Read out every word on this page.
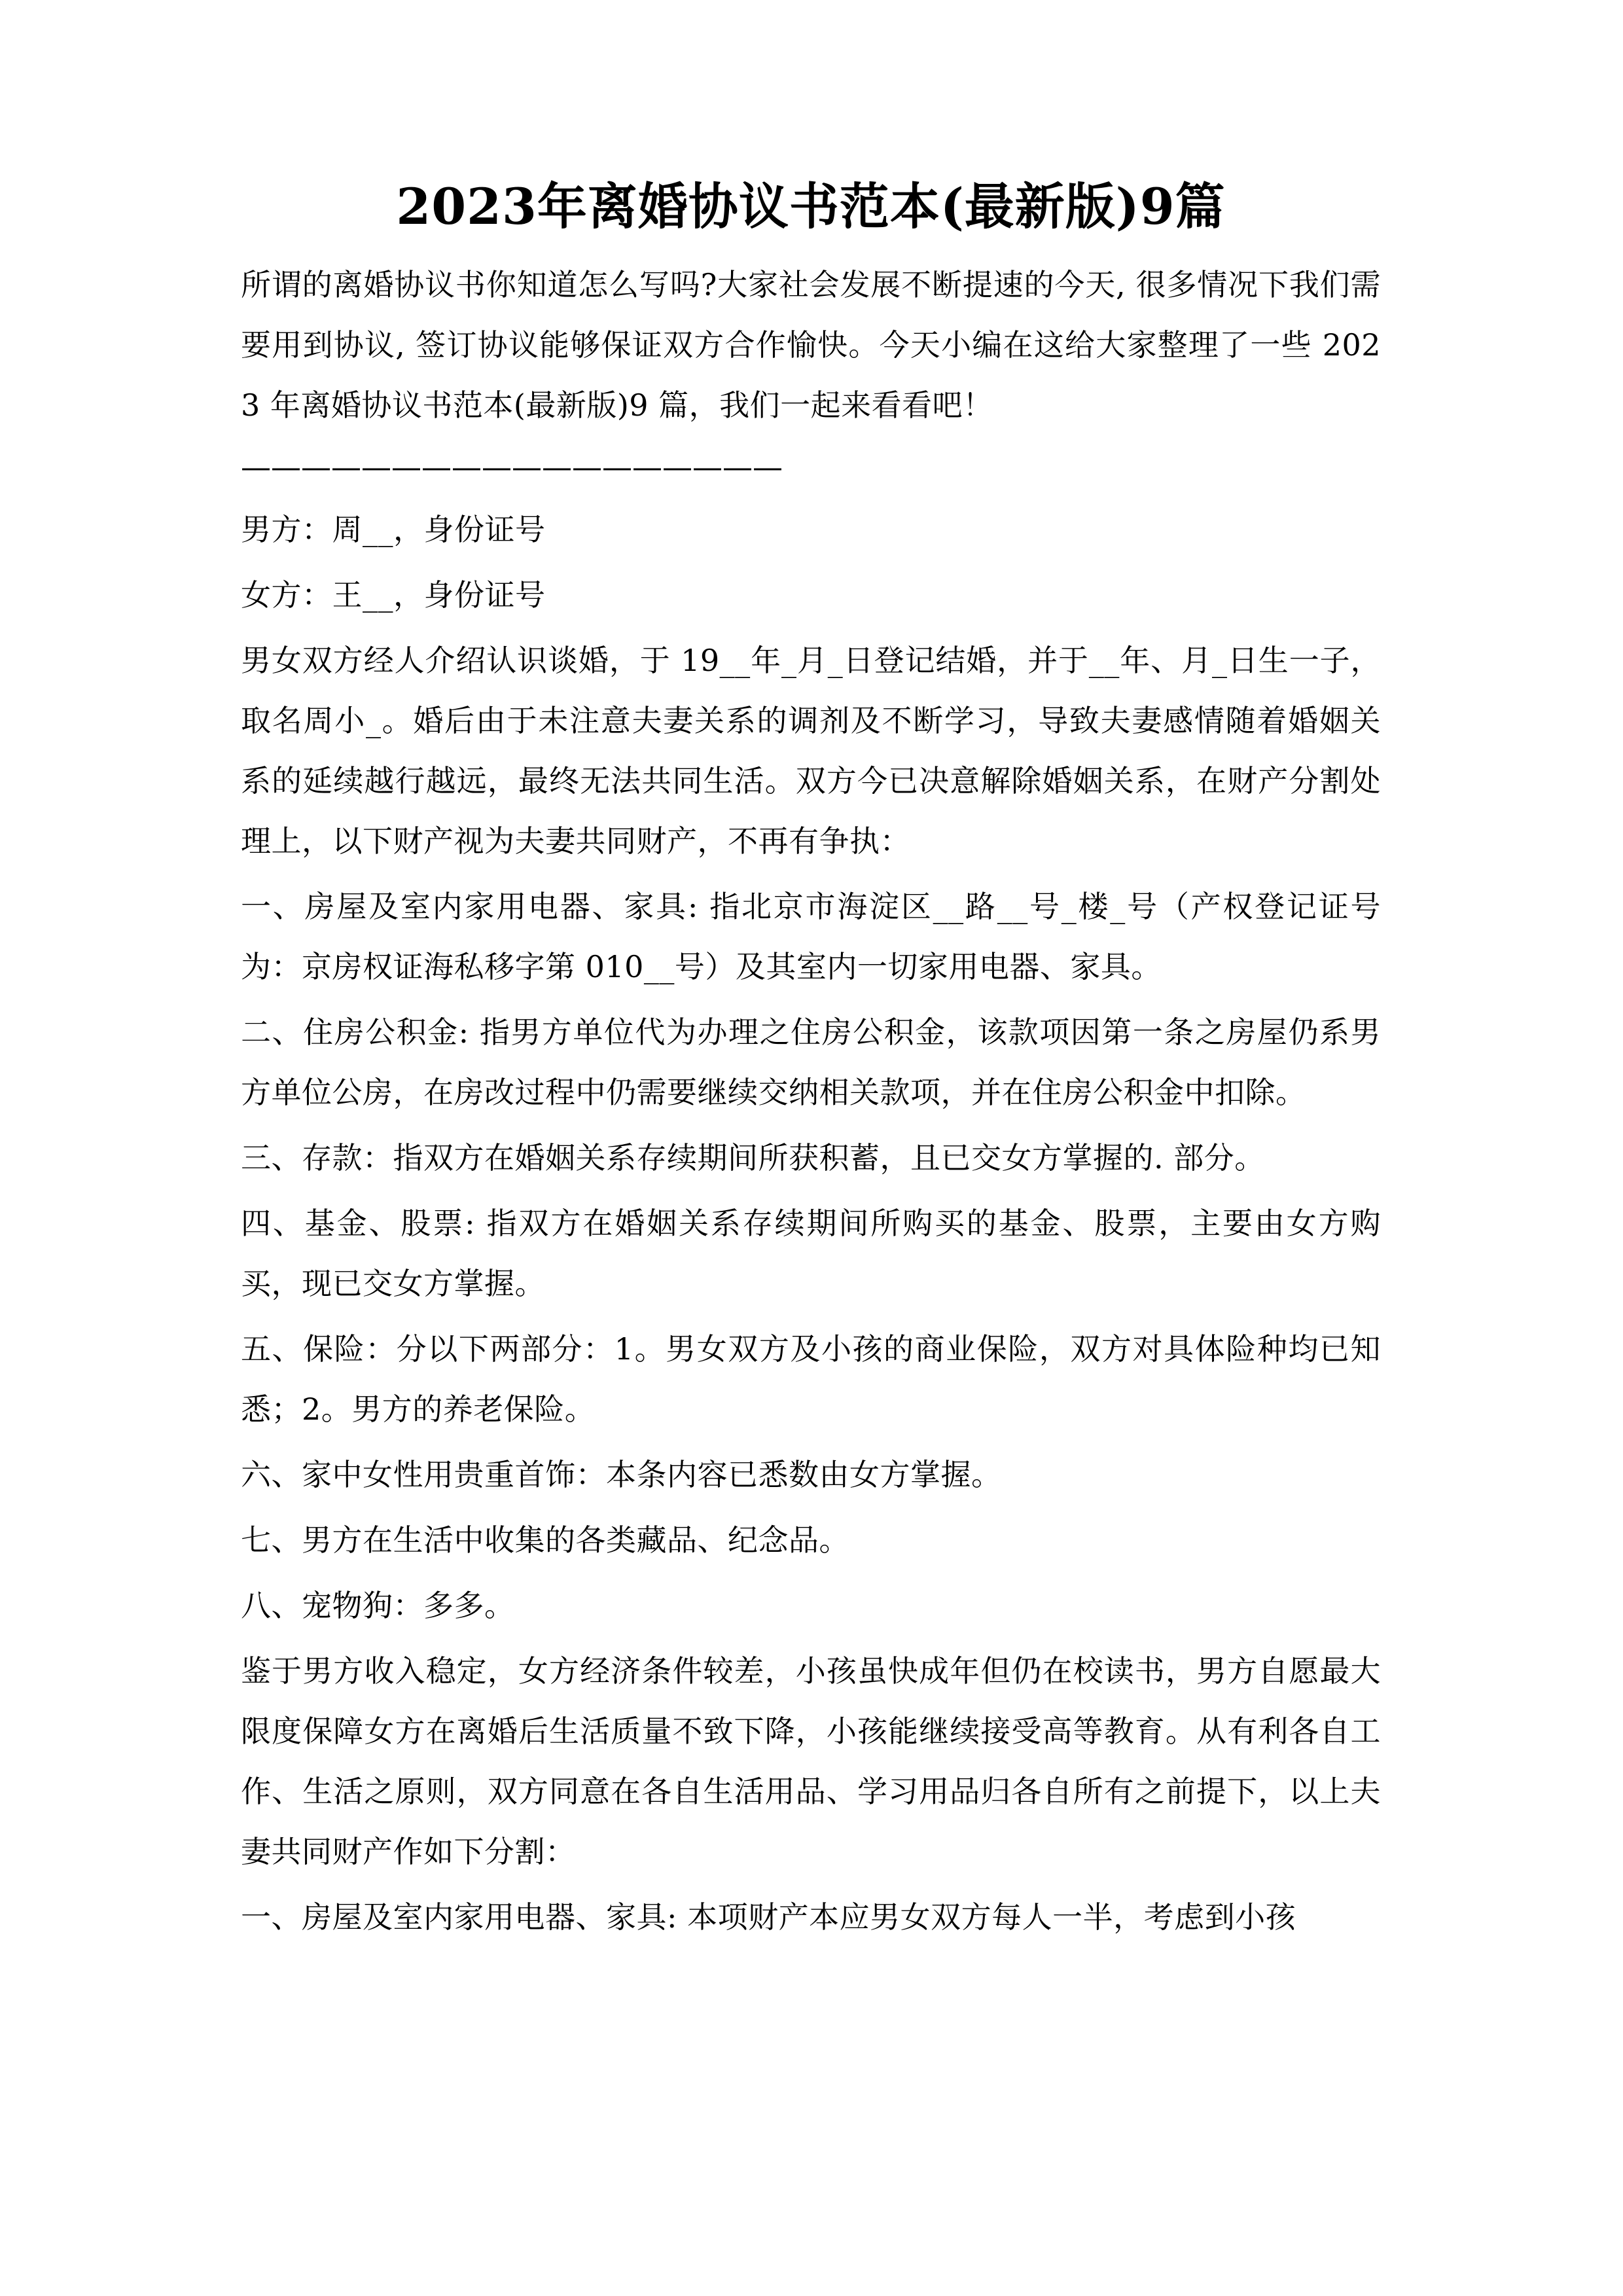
2023年离婚协议书范本(最新版)9篇

所谓的离婚协议书你知道怎么写吗?大家社会发展不断提速的今天, 很多情况下我们需要用到协议, 签订协议能够保证双方合作愉快。今天小编在这给大家整理了一些 2023 年离婚协议书范本(最新版)9 篇，我们一起来看看吧！

——————————————————

男方：周__，身份证号

女方：王__，身份证号

男女双方经人介绍认识谈婚，于 19__年_月_日登记结婚，并于__年、月_日生一子，取名周小_。婚后由于未注意夫妻关系的调剂及不断学习，导致夫妻感情随着婚姻关系的延续越行越远，最终无法共同生活。双方今已决意解除婚姻关系，在财产分割处理上，以下财产视为夫妻共同财产，不再有争执：

一、房屋及室内家用电器、家具: 指北京市海淀区__路__号_楼_号（产权登记证号为：京房权证海私移字第 010__号）及其室内一切家用电器、家具。

二、住房公积金: 指男方单位代为办理之住房公积金，该款项因第一条之房屋仍系男方单位公房，在房改过程中仍需要继续交纳相关款项，并在住房公积金中扣除。

三、存款：指双方在婚姻关系存续期间所获积蓄，且已交女方掌握的. 部分。

四、基金、股票: 指双方在婚姻关系存续期间所购买的基金、股票，主要由女方购买，现已交女方掌握。

五、保险：分以下两部分：1。男女双方及小孩的商业保险，双方对具体险种均已知悉；2。男方的养老保险。

六、家中女性用贵重首饰：本条内容已悉数由女方掌握。

七、男方在生活中收集的各类藏品、纪念品。

八、宠物狗：多多。

鉴于男方收入稳定，女方经济条件较差，小孩虽快成年但仍在校读书，男方自愿最大限度保障女方在离婚后生活质量不致下降，小孩能继续接受高等教育。从有利各自工作、生活之原则，双方同意在各自生活用品、学习用品归各自所有之前提下，以上夫妻共同财产作如下分割：

一、房屋及室内家用电器、家具: 本项财产本应男女双方每人一半，考虑到小孩
